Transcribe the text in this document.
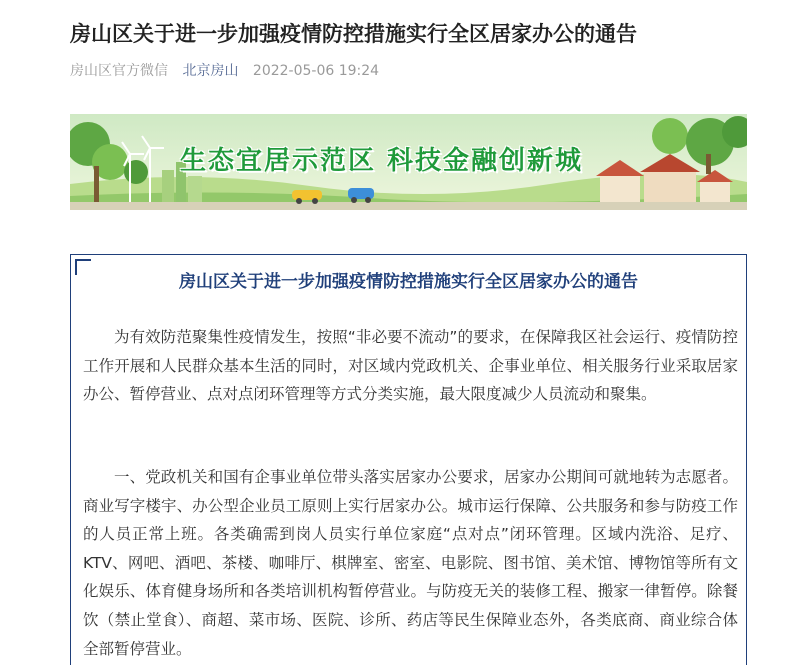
房山区关于进一步加强疫情防控措施实行全区居家办公的通告
房山区官方微信 北京房山 2022-05-06 19:24
生态宜居示范区 科技金融创新城
房山区关于进一步加强疫情防控措施实行全区居家办公的通告

为有效防范聚集性疫情发生，按照“非必要不流动”的要求，在保障我区社会运行、疫情防控工作开展和人民群众基本生活的同时，对区域内党政机关、企事业单位、相关服务行业采取居家办公、暂停营业、点对点闭环管理等方式分类实施，最大限度减少人员流动和聚集。

一、党政机关和国有企事业单位带头落实居家办公要求，居家办公期间可就地转为志愿者。商业写字楼宇、办公型企业员工原则上实行居家办公。城市运行保障、公共服务和参与防疫工作的人员正常上班。各类确需到岗人员实行单位家庭“点对点”闭环管理。区域内洗浴、足疗、KTV、网吧、酒吧、茶楼、咖啡厅、棋牌室、密室、电影院、图书馆、美术馆、博物馆等所有文化娱乐、体育健身场所和各类培训机构暂停营业。与防疫无关的装修工程、搬家一律暂停。除餐饮（禁止堂食）、商超、菜市场、医院、诊所、药店等民生保障业态外，各类底商、商业综合体全部暂停营业。
